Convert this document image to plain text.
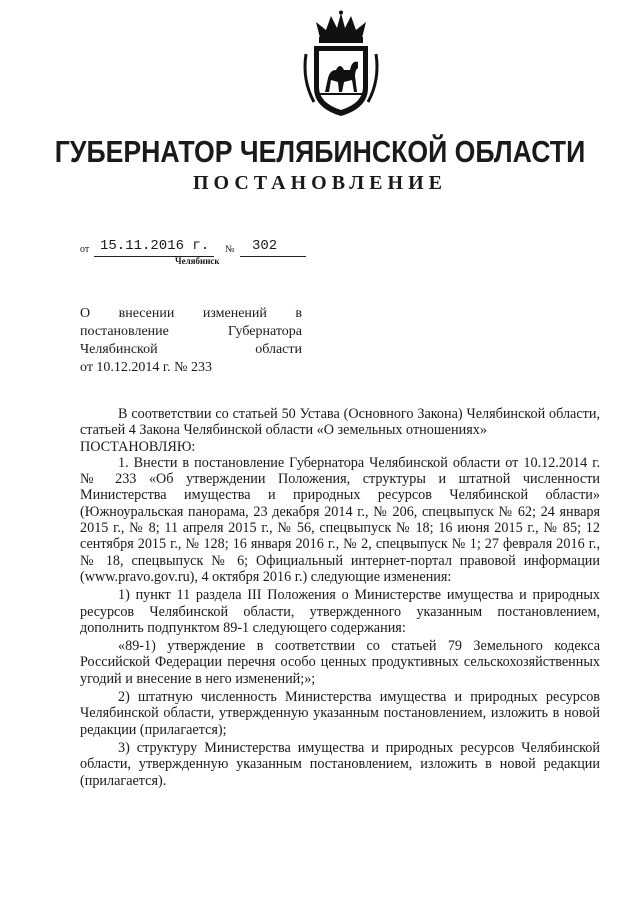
ГУБЕРНАТОР ЧЕЛЯБИНСКОЙ ОБЛАСТИ
ПОСТАНОВЛЕНИЕ
от 15.11.2016 г. № 302
Челябинск
О внесении изменений в
постановление Губернатора
Челябинской области
от 10.12.2014 г. № 233

В соответствии со статьей 50 Устава (Основного Закона) Челябинской области, статьей 4 Закона Челябинской области «О земельных отношениях»

ПОСТАНОВЛЯЮ:

1. Внести в постановление Губернатора Челябинской области от 10.12.2014 г. № 233 «Об утверждении Положения, структуры и штатной численности Министерства имущества и природных ресурсов Челябинской области» (Южноуральская панорама, 23 декабря 2014 г., № 206, спецвыпуск № 62; 24 января 2015 г., № 8; 11 апреля 2015 г., № 56, спецвыпуск № 18; 16 июня 2015 г., № 85; 12 сентября 2015 г., № 128; 16 января 2016 г., № 2, спецвыпуск № 1; 27 февраля 2016 г., № 18, спецвыпуск № 6; Официальный интернет-портал правовой информации (www.pravo.gov.ru), 4 октября 2016 г.) следующие изменения:

1) пункт 11 раздела III Положения о Министерстве имущества и природных ресурсов Челябинской области, утвержденного указанным постановлением, дополнить подпунктом 89-1 следующего содержания:

«89-1) утверждение в соответствии со статьей 79 Земельного кодекса Российской Федерации перечня особо ценных продуктивных сельскохозяйственных угодий и внесение в него изменений;»;

2) штатную численность Министерства имущества и природных ресурсов Челябинской области, утвержденную указанным постановлением, изложить в новой редакции (прилагается);

3) структуру Министерства имущества и природных ресурсов Челябинской области, утвержденную указанным постановлением, изложить в новой редакции (прилагается).
